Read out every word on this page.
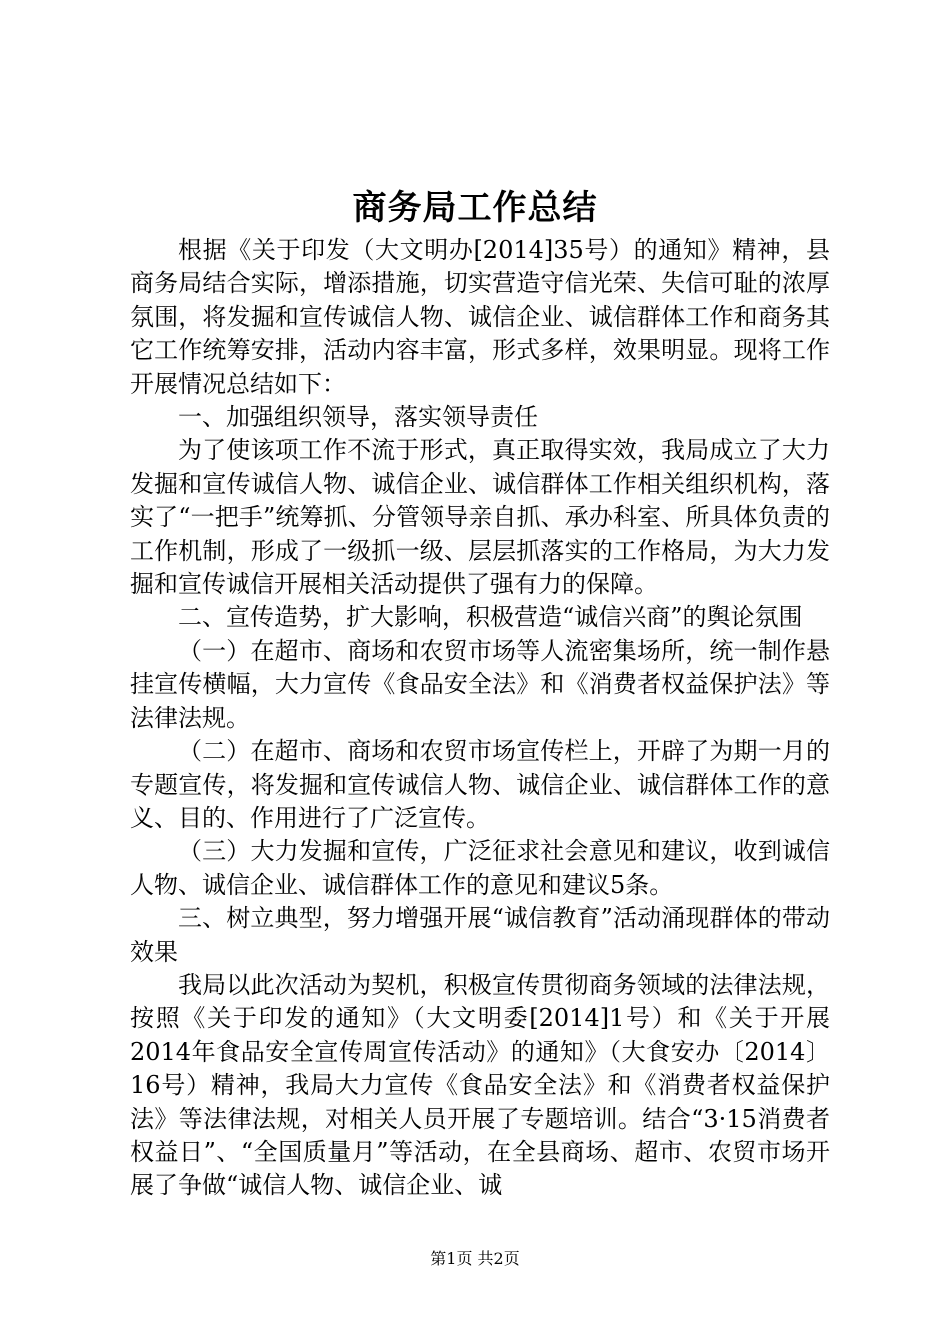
商务局工作总结

根据《关于印发（大文明办[2014]35号）的通知》精神，县商务局结合实际，增添措施，切实营造守信光荣、失信可耻的浓厚氛围，将发掘和宣传诚信人物、诚信企业、诚信群体工作和商务其它工作统筹安排，活动内容丰富，形式多样，效果明显。现将工作开展情况总结如下：

一、加强组织领导，落实领导责任

为了使该项工作不流于形式，真正取得实效，我局成立了大力发掘和宣传诚信人物、诚信企业、诚信群体工作相关组织机构，落实了“一把手”统筹抓、分管领导亲自抓、承办科室、所具体负责的工作机制，形成了一级抓一级、层层抓落实的工作格局，为大力发掘和宣传诚信开展相关活动提供了强有力的保障。

二、宣传造势，扩大影响，积极营造“诚信兴商”的舆论氛围

（一）在超市、商场和农贸市场等人流密集场所，统一制作悬挂宣传横幅，大力宣传《食品安全法》和《消费者权益保护法》等法律法规。

（二）在超市、商场和农贸市场宣传栏上，开辟了为期一月的专题宣传，将发掘和宣传诚信人物、诚信企业、诚信群体工作的意义、目的、作用进行了广泛宣传。

（三）大力发掘和宣传，广泛征求社会意见和建议，收到诚信人物、诚信企业、诚信群体工作的意见和建议5条。

三、树立典型，努力增强开展“诚信教育”活动涌现群体的带动效果

我局以此次活动为契机，积极宣传贯彻商务领域的法律法规，按照《关于印发的通知》（大文明委[2014]1号）和《关于开展2014年食品安全宣传周宣传活动》的通知》（大食安办〔2014〕16号）精神，我局大力宣传《食品安全法》和《消费者权益保护法》等法律法规，对相关人员开展了专题培训。结合“3·15消费者权益日”、“全国质量月”等活动，在全县商场、超市、农贸市场开展了争做“诚信人物、诚信企业、诚

第1页 共2页
